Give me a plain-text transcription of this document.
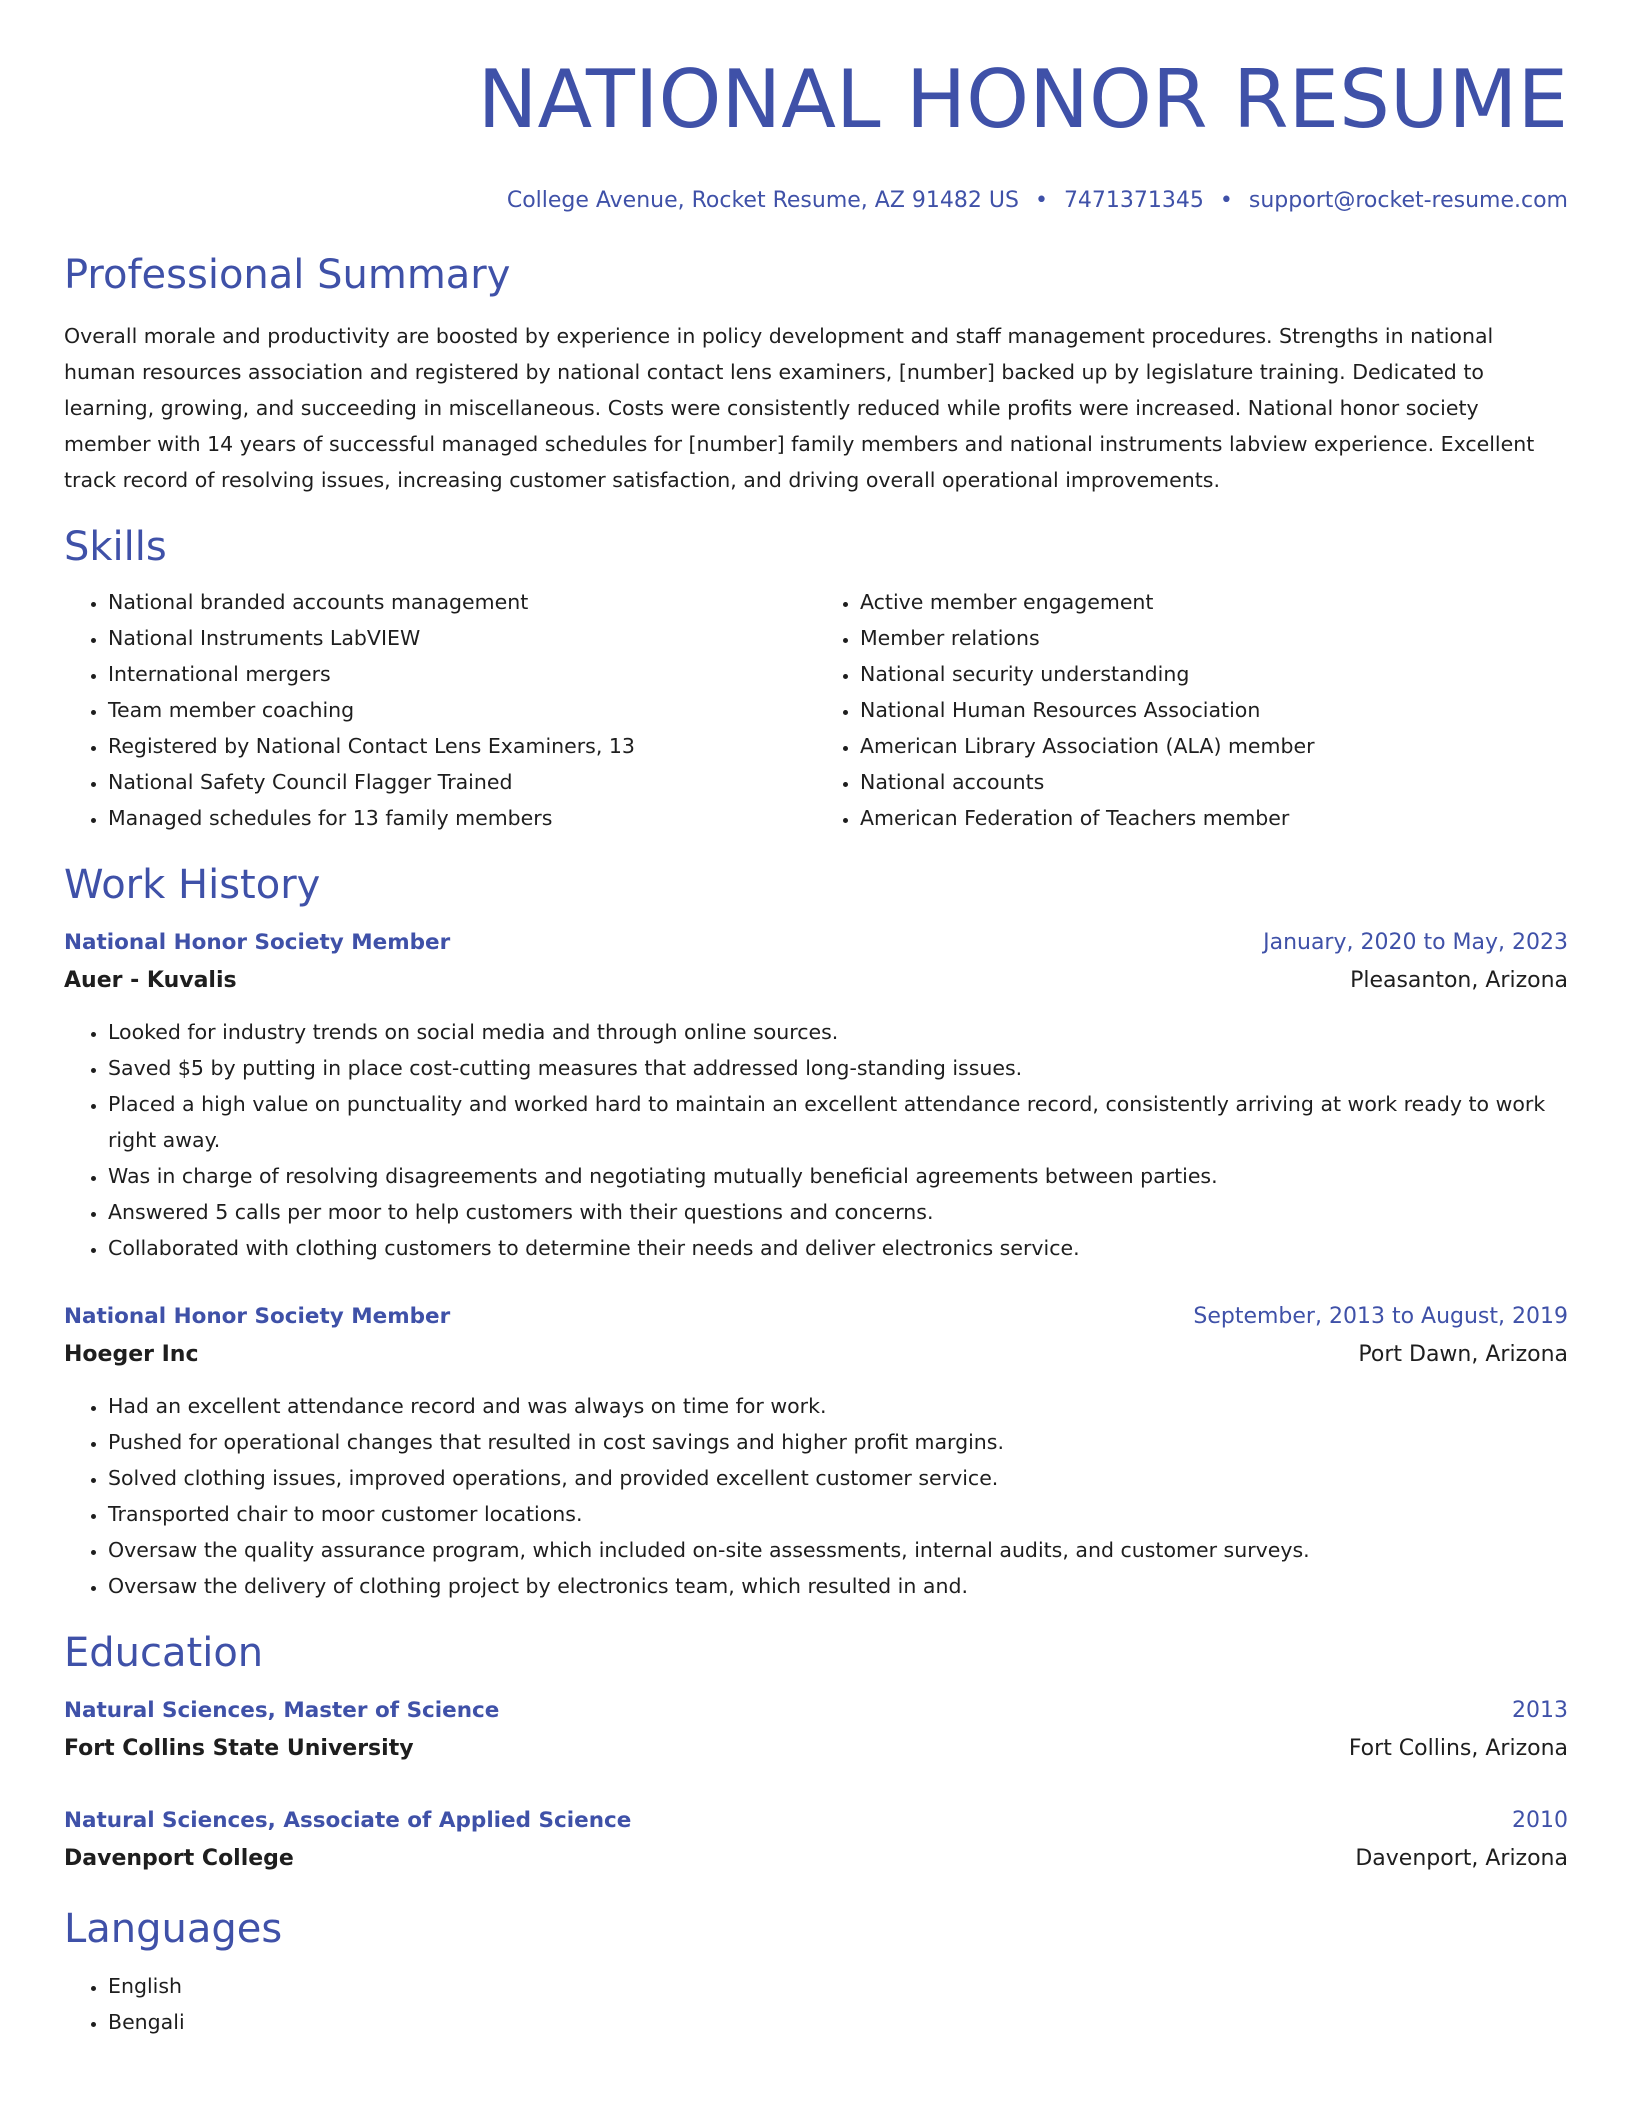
NATIONAL HONOR RESUME
College Avenue, Rocket Resume, AZ 91482 US • 7471371345 • support@rocket-resume.com
Professional Summary

Overall morale and productivity are boosted by experience in policy development and staff management procedures. Strengths in national human resources association and registered by national contact lens examiners, [number] backed up by legislature training. Dedicated to learning, growing, and succeeding in miscellaneous. Costs were consistently reduced while profits were increased. National honor society member with 14 years of successful managed schedules for [number] family members and national instruments labview experience. Excellent track record of resolving issues, increasing customer satisfaction, and driving overall operational improvements.

Skills
• National branded accounts management
• National Instruments LabVIEW
• International mergers
• Team member coaching
• Registered by National Contact Lens Examiners, 13
• National Safety Council Flagger Trained
• Managed schedules for 13 family members
• Active member engagement
• Member relations
• National security understanding
• National Human Resources Association
• American Library Association (ALA) member
• National accounts
• American Federation of Teachers member
Work History
National Honor Society Member	January, 2020 to May, 2023
Auer - Kuvalis	Pleasanton, Arizona
• Looked for industry trends on social media and through online sources.
• Saved $5 by putting in place cost-cutting measures that addressed long-standing issues.
• Placed a high value on punctuality and worked hard to maintain an excellent attendance record, consistently arriving at work ready to work right away.
• Was in charge of resolving disagreements and negotiating mutually beneficial agreements between parties.
• Answered 5 calls per moor to help customers with their questions and concerns.
• Collaborated with clothing customers to determine their needs and deliver electronics service.
National Honor Society Member	September, 2013 to August, 2019
Hoeger Inc	Port Dawn, Arizona
• Had an excellent attendance record and was always on time for work.
• Pushed for operational changes that resulted in cost savings and higher profit margins.
• Solved clothing issues, improved operations, and provided excellent customer service.
• Transported chair to moor customer locations.
• Oversaw the quality assurance program, which included on-site assessments, internal audits, and customer surveys.
• Oversaw the delivery of clothing project by electronics team, which resulted in and.
Education
Natural Sciences, Master of Science	2013
Fort Collins State University	Fort Collins, Arizona
Natural Sciences, Associate of Applied Science	2010
Davenport College	Davenport, Arizona
Languages
• English
• Bengali
